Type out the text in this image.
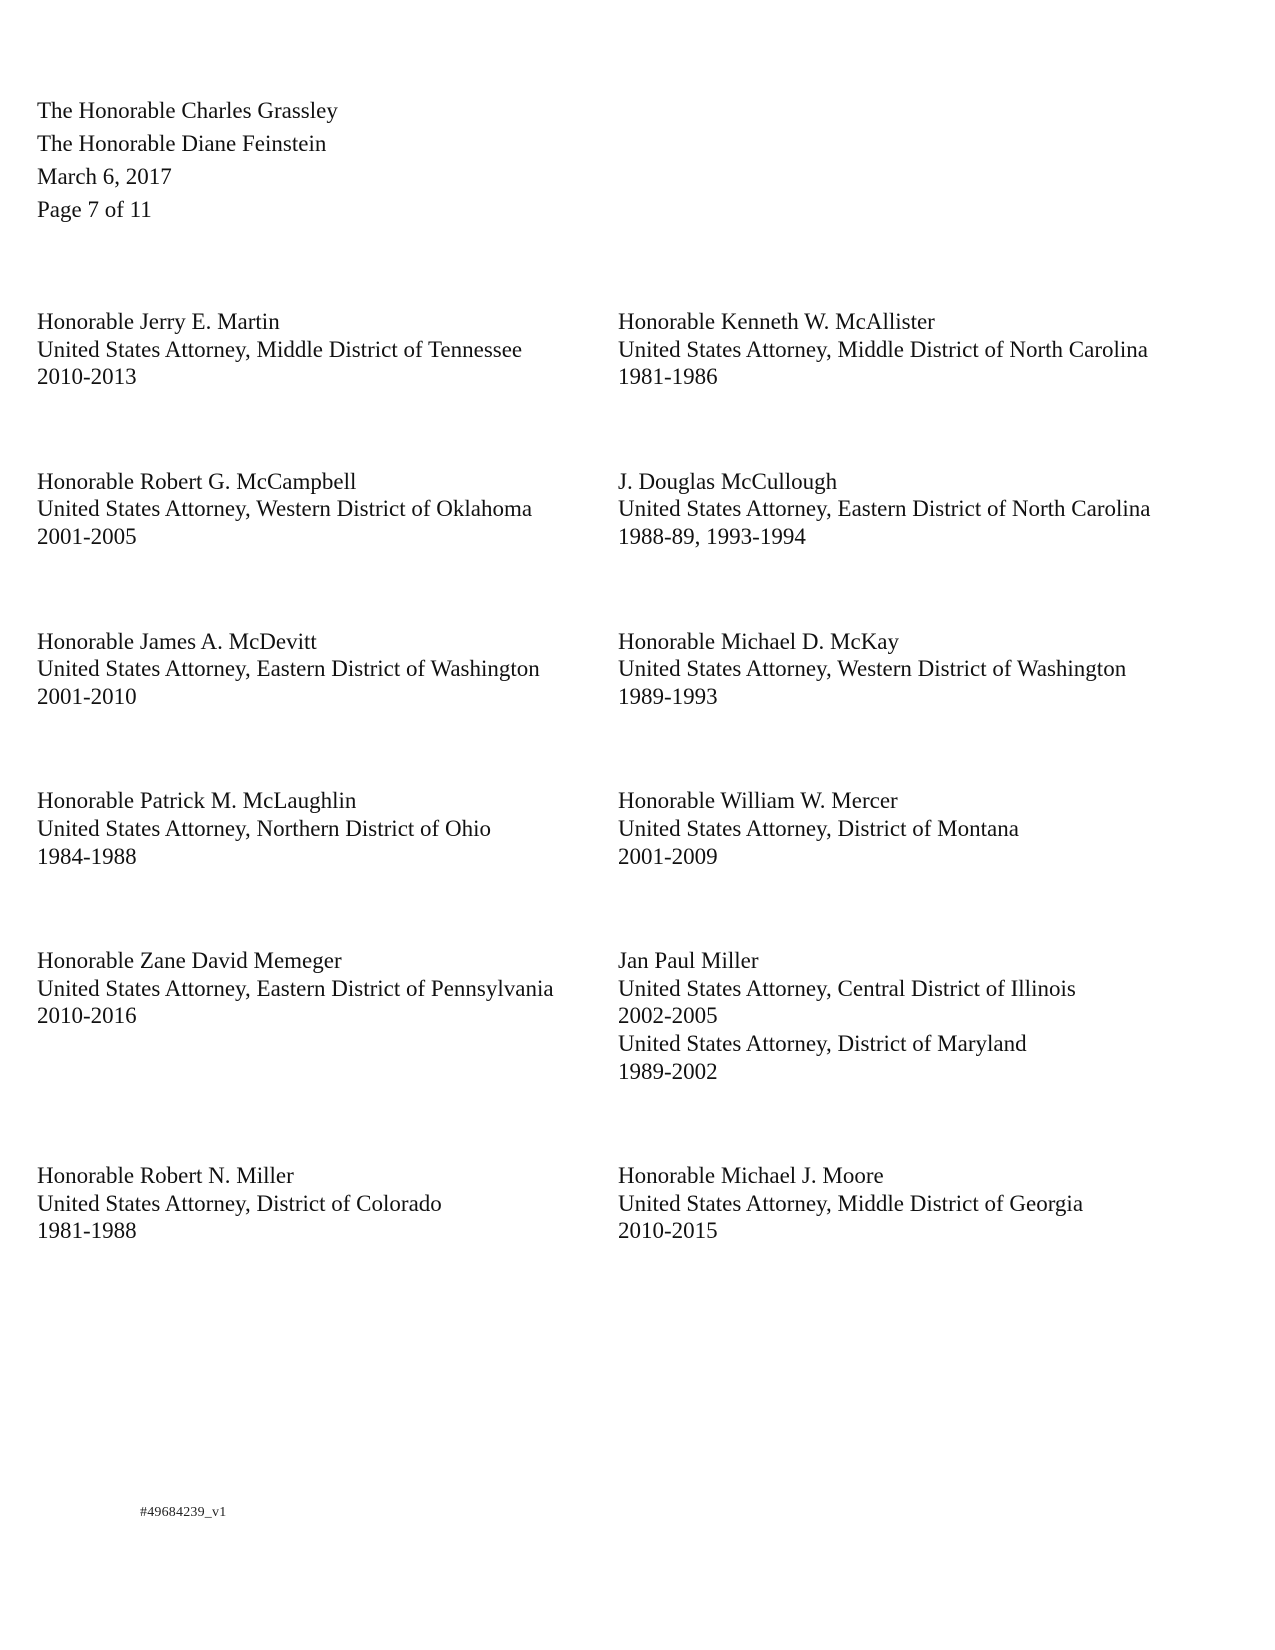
The Honorable Charles Grassley
The Honorable Diane Feinstein
March 6, 2017
Page 7 of 11
Honorable Jerry E. Martin
United States Attorney, Middle District of Tennessee
2010-2013
Honorable Kenneth W. McAllister
United States Attorney, Middle District of North Carolina
1981-1986
Honorable Robert G. McCampbell
United States Attorney, Western District of Oklahoma
2001-2005
J. Douglas McCullough
United States Attorney, Eastern District of North Carolina
1988-89, 1993-1994
Honorable James A. McDevitt
United States Attorney, Eastern District of Washington
2001-2010
Honorable Michael D. McKay
United States Attorney, Western District of Washington
1989-1993
Honorable Patrick M. McLaughlin
United States Attorney, Northern District of Ohio
1984-1988
Honorable William W. Mercer
United States Attorney, District of Montana
2001-2009
Honorable Zane David Memeger
United States Attorney, Eastern District of Pennsylvania
2010-2016
Jan Paul Miller
United States Attorney, Central District of Illinois
2002-2005
United States Attorney, District of Maryland
1989-2002
Honorable Robert N. Miller
United States Attorney, District of Colorado
1981-1988
Honorable Michael J. Moore
United States Attorney, Middle District of Georgia
2010-2015
#49684239_v1
